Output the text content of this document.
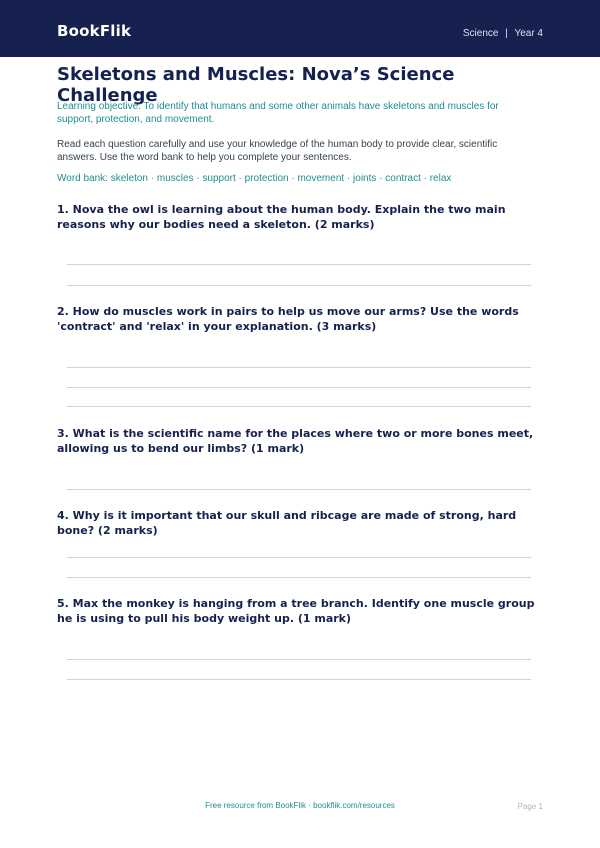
BookFlik	Science | Year 4
Skeletons and Muscles: Nova’s Science Challenge
Learning objective: To identify that humans and some other animals have skeletons and muscles for support, protection, and movement.
Read each question carefully and use your knowledge of the human body to provide clear, scientific answers. Use the word bank to help you complete your sentences.
Word bank: skeleton · muscles · support · protection · movement · joints · contract · relax
1. Nova the owl is learning about the human body. Explain the two main reasons why our bodies need a skeleton. (2 marks)
2. How do muscles work in pairs to help us move our arms? Use the words 'contract' and 'relax' in your explanation. (3 marks)
3. What is the scientific name for the places where two or more bones meet, allowing us to bend our limbs? (1 mark)
4. Why is it important that our skull and ribcage are made of strong, hard bone? (2 marks)
5. Max the monkey is hanging from a tree branch. Identify one muscle group he is using to pull his body weight up. (1 mark)
Free resource from BookFlik · bookflik.com/resources	Page 1
